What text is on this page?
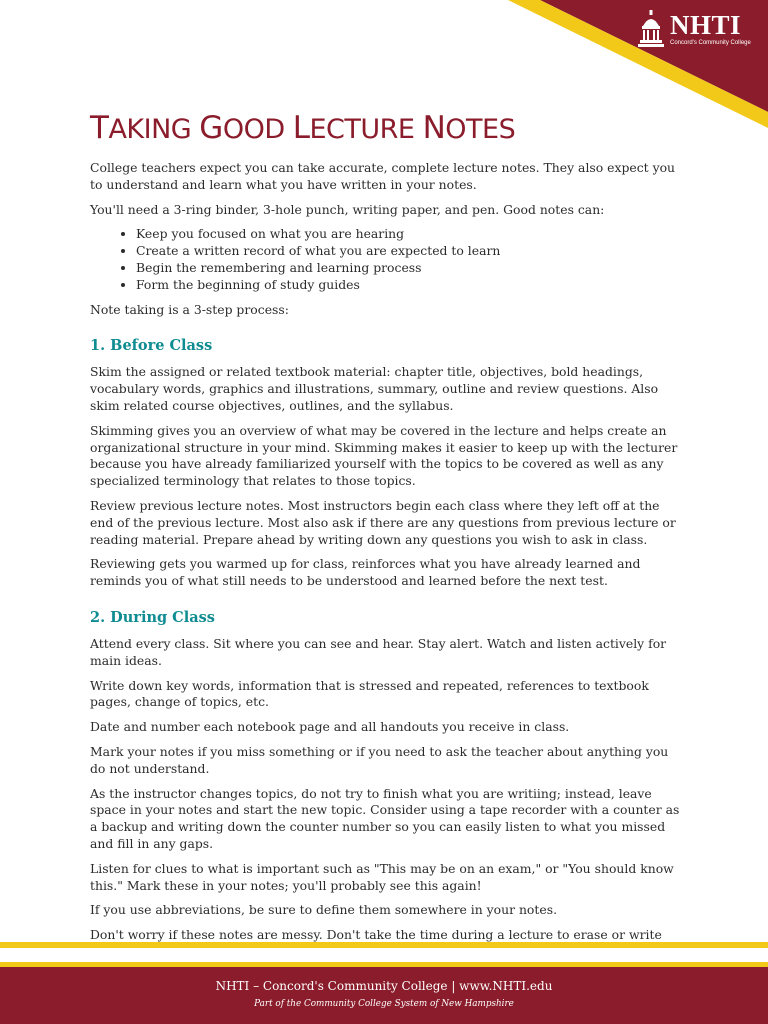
NHTI
Concord's Community College
TAKING GOOD LECTURE NOTES

College teachers expect you can take accurate, complete lecture notes. They also expect you to understand and learn what you have written in your notes.

You'll need a 3-ring binder, 3-hole punch, writing paper, and pen. Good notes can:

• Keep you focused on what you are hearing
• Create a written record of what you are expected to learn
• Begin the remembering and learning process
• Form the beginning of study guides

Note taking is a 3-step process:

1. Before Class

Skim the assigned or related textbook material: chapter title, objectives, bold headings, vocabulary words, graphics and illustrations, summary, outline and review questions. Also skim related course objectives, outlines, and the syllabus.

Skimming gives you an overview of what may be covered in the lecture and helps create an organizational structure in your mind. Skimming makes it easier to keep up with the lecturer because you have already familiarized yourself with the topics to be covered as well as any specialized terminology that relates to those topics.

Review previous lecture notes. Most instructors begin each class where they left off at the end of the previous lecture. Most also ask if there are any questions from previous lecture or reading material. Prepare ahead by writing down any questions you wish to ask in class.

Reviewing gets you warmed up for class, reinforces what you have already learned and reminds you of what still needs to be understood and learned before the next test.

2. During Class

Attend every class. Sit where you can see and hear. Stay alert. Watch and listen actively for main ideas.

Write down key words, information that is stressed and repeated, references to textbook pages, change of topics, etc.

Date and number each notebook page and all handouts you receive in class.

Mark your notes if you miss something or if you need to ask the teacher about anything you do not understand.

As the instructor changes topics, do not try to finish what you are writiing; instead, leave space in your notes and start the new topic. Consider using a tape recorder with a counter as a backup and writing down the counter number so you can easily listen to what you missed and fill in any gaps.

Listen for clues to what is important such as "This may be on an exam," or "You should know this." Mark these in your notes; you'll probably see this again!

If you use abbreviations, be sure to define them somewhere in your notes.

Don't worry if these notes are messy. Don't take the time during a lecture to erase or write

NHTI – Concord's Community College | www.NHTI.edu
Part of the Community College System of New Hampshire
